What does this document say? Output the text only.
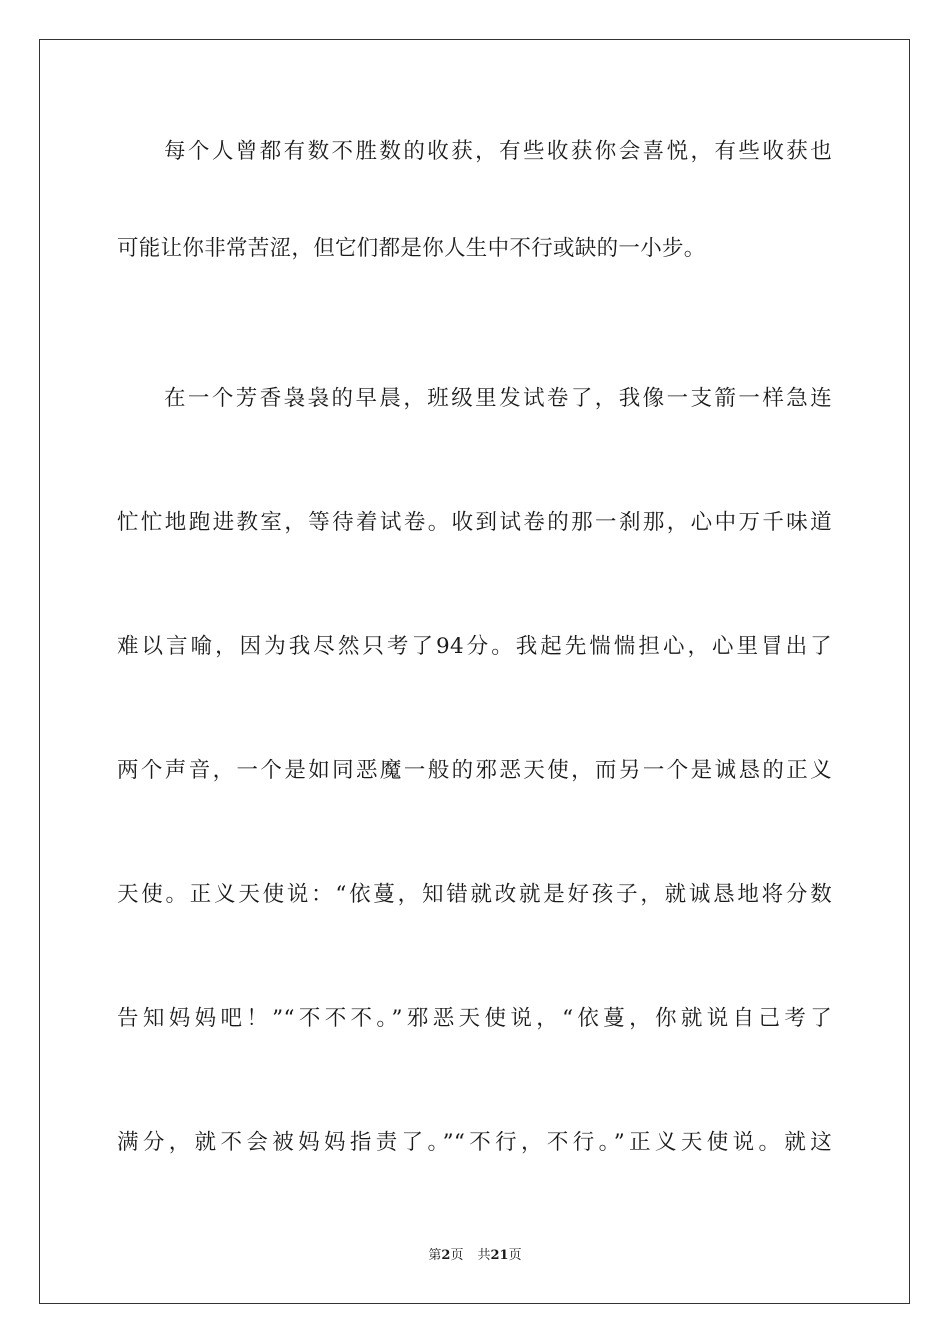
每个人曾都有数不胜数的收获，有些收获你会喜悦，有些收获也
可能让你非常苦涩，但它们都是你人生中不行或缺的一小步。
在一个芳香袅袅的早晨，班级里发试卷了，我像一支箭一样急连
忙忙地跑进教室，等待着试卷。收到试卷的那一刹那，心中万千味道
难以言喻，因为我尽然只考了94分。我起先惴惴担心，心里冒出了
两个声音，一个是如同恶魔一般的邪恶天使，而另一个是诚恳的正义
天使。正义天使说：“依蔓，知错就改就是好孩子，就诚恳地将分数
告知妈妈吧！”“不不不。”邪恶天使说，“依蔓，你就说自己考了
满分，就不会被妈妈指责了。”“不行，不行。”正义天使说。就这
第2页 共21页
